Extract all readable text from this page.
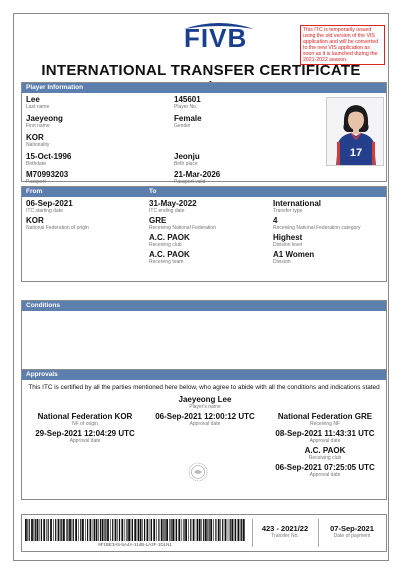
FIVB	This ITC is temporarily issued using the old version of the VIS application and will be converted to the new VIS application as soon as it is launched during the 2021-2022 season.
INTERNATIONAL TRANSFER CERTIFICATE
Player Information
Lee
Last name
Jaeyeong
First name
KOR
Nationality
15-Oct-1996
Birthdate
M70993203
Passport
145601
Player No.
Female
Gender
Jeonju
Birth place
21-Mar-2026
Passport valid
17
From	To
06-Sep-2021
ITC starting date
KOR
National Federation of origin
31-May-2022
ITC ending date
GRE
Receiving National Federation
A.C. PAOK
Receiving club
A.C. PAOK
Receiving team
International
Transfer type
4
Receiving National Federation category
Highest
Division level
A1 Women
Division
Conditions
Approvals
This ITC is certified by all the parties mentioned here below, who agree to abide with all the conditions and indications stated
Jaeyeong Lee
Player's name
06-Sep-2021 12:00:12 UTC
Approval date
National Federation KOR
NF of origin
29-Sep-2021 12:04:29 UTC
Approval date
National Federation GRE
Receiving NF
08-Sep-2021 11:43:31 UTC
Approval date
A.C. PAOK
Receiving club
06-Sep-2021 07:25:05 UTC
Approval date
9F1BE3A5-5A4A-114B-LA3F-1DLN1
423 - 2021/22
Transfer No.
07-Sep-2021
Date of payment
